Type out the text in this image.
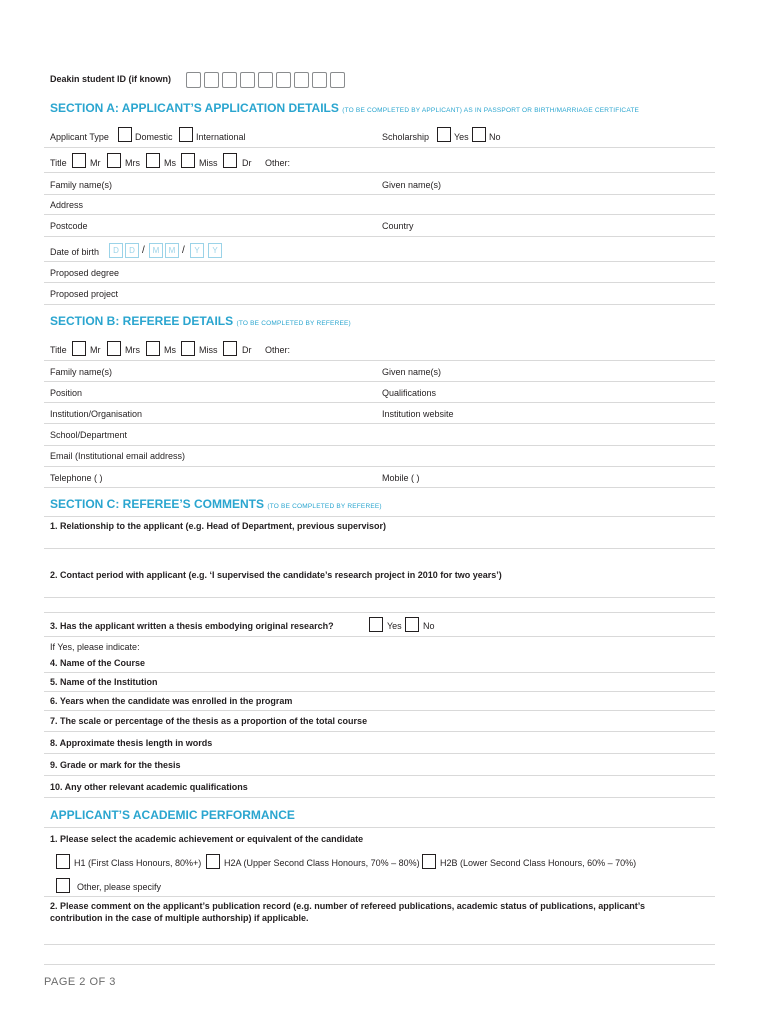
Deakin student ID (if known)
SECTION A: APPLICANT’S APPLICATION DETAILS (TO BE COMPLETED BY APPLICANT) AS IN PASSPORT OR BIRTH/MARRIAGE CERTIFICATE
Applicant Type	Domestic	International	Scholarship	Yes No
Title	Mr	Mrs	Ms	Miss	Dr Other:
Family name(s)	Given name(s)
Address
Postcode	Country
Date of birth	D	D / M	M /	Y	Y
Proposed degree
Proposed project
SECTION B: REFEREE DETAILS (TO BE COMPLETED BY REFEREE)
Title	Mr	Mrs	Ms	Miss	Dr Other:
Family name(s)	Given name(s)
Position	Qualifications
Institution/Organisation	Institution website
School/Department
Email (Institutional email address)
Telephone ( )	Mobile ( )
SECTION C: REFEREE’S COMMENTS (TO BE COMPLETED BY REFEREE)
1. Relationship to the applicant (e.g. Head of Department, previous supervisor)
2. Contact period with applicant (e.g. ‘I supervised the candidate’s research project in 2010 for two years’)
3. Has the applicant written a thesis embodying original research?	Yes No
If Yes, please indicate:
4. Name of the Course
5. Name of the Institution
6. Years when the candidate was enrolled in the program
7. The scale or percentage of the thesis as a proportion of the total course
8. Approximate thesis length in words
9. Grade or mark for the thesis
10. Any other relevant academic qualifications
APPLICANT’S ACADEMIC PERFORMANCE
1. Please select the academic achievement or equivalent of the candidate
H1 (First Class Honours, 80%+)	H2A (Upper Second Class Honours, 70% – 80%) H2B (Lower Second Class Honours, 60% – 70%)
Other, please specify
2. Please comment on the applicant’s publication record (e.g. number of refereed publications, academic status of publications, applicant’s
contribution in the case of multiple authorship) if applicable.
PAGE 2 OF 3
